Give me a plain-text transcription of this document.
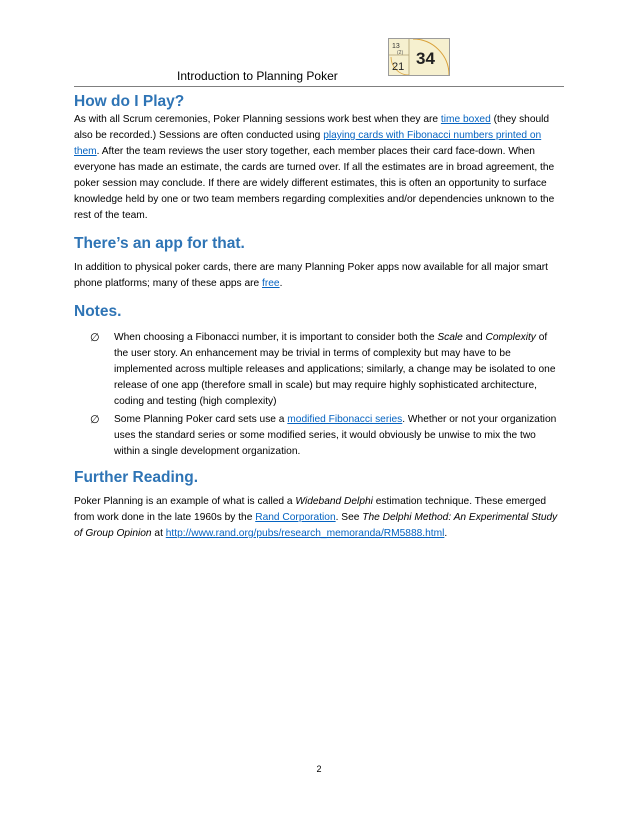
13
(2)
21 34
Introduction to Planning Poker
How do I Play?

As with all Scrum ceremonies, Poker Planning sessions work best when they are time boxed (they should also be recorded.) Sessions are often conducted using playing cards with Fibonacci numbers printed on them. After the team reviews the user story together, each member places their card face-down. When everyone has made an estimate, the cards are turned over. If all the estimates are in broad agreement, the poker session may conclude. If there are widely different estimates, this is often an opportunity to surface knowledge held by one or two team members regarding complexities and/or dependencies unknown to the rest of the team.

There’s an app for that.

In addition to physical poker cards, there are many Planning Poker apps now available for all major smart phone platforms; many of these apps are free.

Notes.
∅	When choosing a Fibonacci number, it is important to consider both the Scale and Complexity of the user story. An enhancement may be trivial in terms of complexity but may have to be implemented across multiple releases and applications; similarly, a change may be isolated to one release of one app (therefore small in scale) but may require highly sophisticated architecture, coding and testing (high complexity)
∅	Some Planning Poker card sets use a modified Fibonacci series. Whether or not your organization uses the standard series or some modified series, it would obviously be unwise to mix the two within a single development organization.
Further Reading.

Poker Planning is an example of what is called a Wideband Delphi estimation technique. These emerged from work done in the late 1960s by the Rand Corporation. See The Delphi Method: An Experimental Study of Group Opinion at http://www.rand.org/pubs/research_memoranda/RM5888.html.

2
